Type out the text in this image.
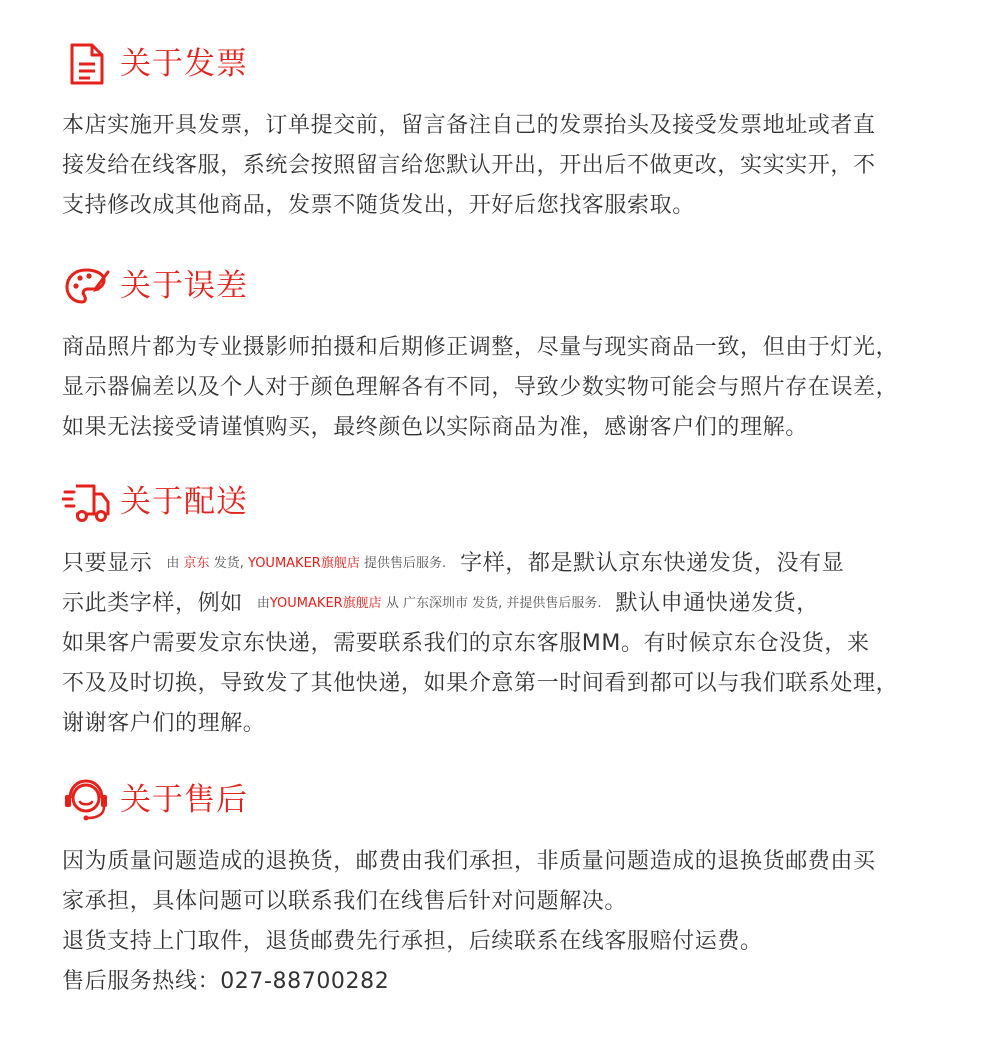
关于发票

本店实施开具发票，订单提交前，留言备注自己的发票抬头及接受发票地址或者直

接发给在线客服，系统会按照留言给您默认开出，开出后不做更改，实实实开，不

支持修改成其他商品，发票不随货发出，开好后您找客服索取。

关于误差

商品照片都为专业摄影师拍摄和后期修正调整，尽量与现实商品一致，但由于灯光，

显示器偏差以及个人对于颜色理解各有不同，导致少数实物可能会与照片存在误差，

如果无法接受请谨慎购买，最终颜色以实际商品为准，感谢客户们的理解。

关于配送

只要显示 由 京东 发货, YOUMAKER旗舰店 提供售后服务. 字样，都是默认京东快递发货，没有显

示此类字样，例如 由YOUMAKER旗舰店 从 广东深圳市 发货, 并提供售后服务. 默认申通快递发货，

如果客户需要发京东快递，需要联系我们的京东客服MM。有时候京东仓没货，来

不及及时切换，导致发了其他快递，如果介意第一时间看到都可以与我们联系处理，

谢谢客户们的理解。

关于售后

因为质量问题造成的退换货，邮费由我们承担，非质量问题造成的退换货邮费由买

家承担，具体问题可以联系我们在线售后针对问题解决。

退货支持上门取件，退货邮费先行承担，后续联系在线客服赔付运费。

售后服务热线：027-88700282
